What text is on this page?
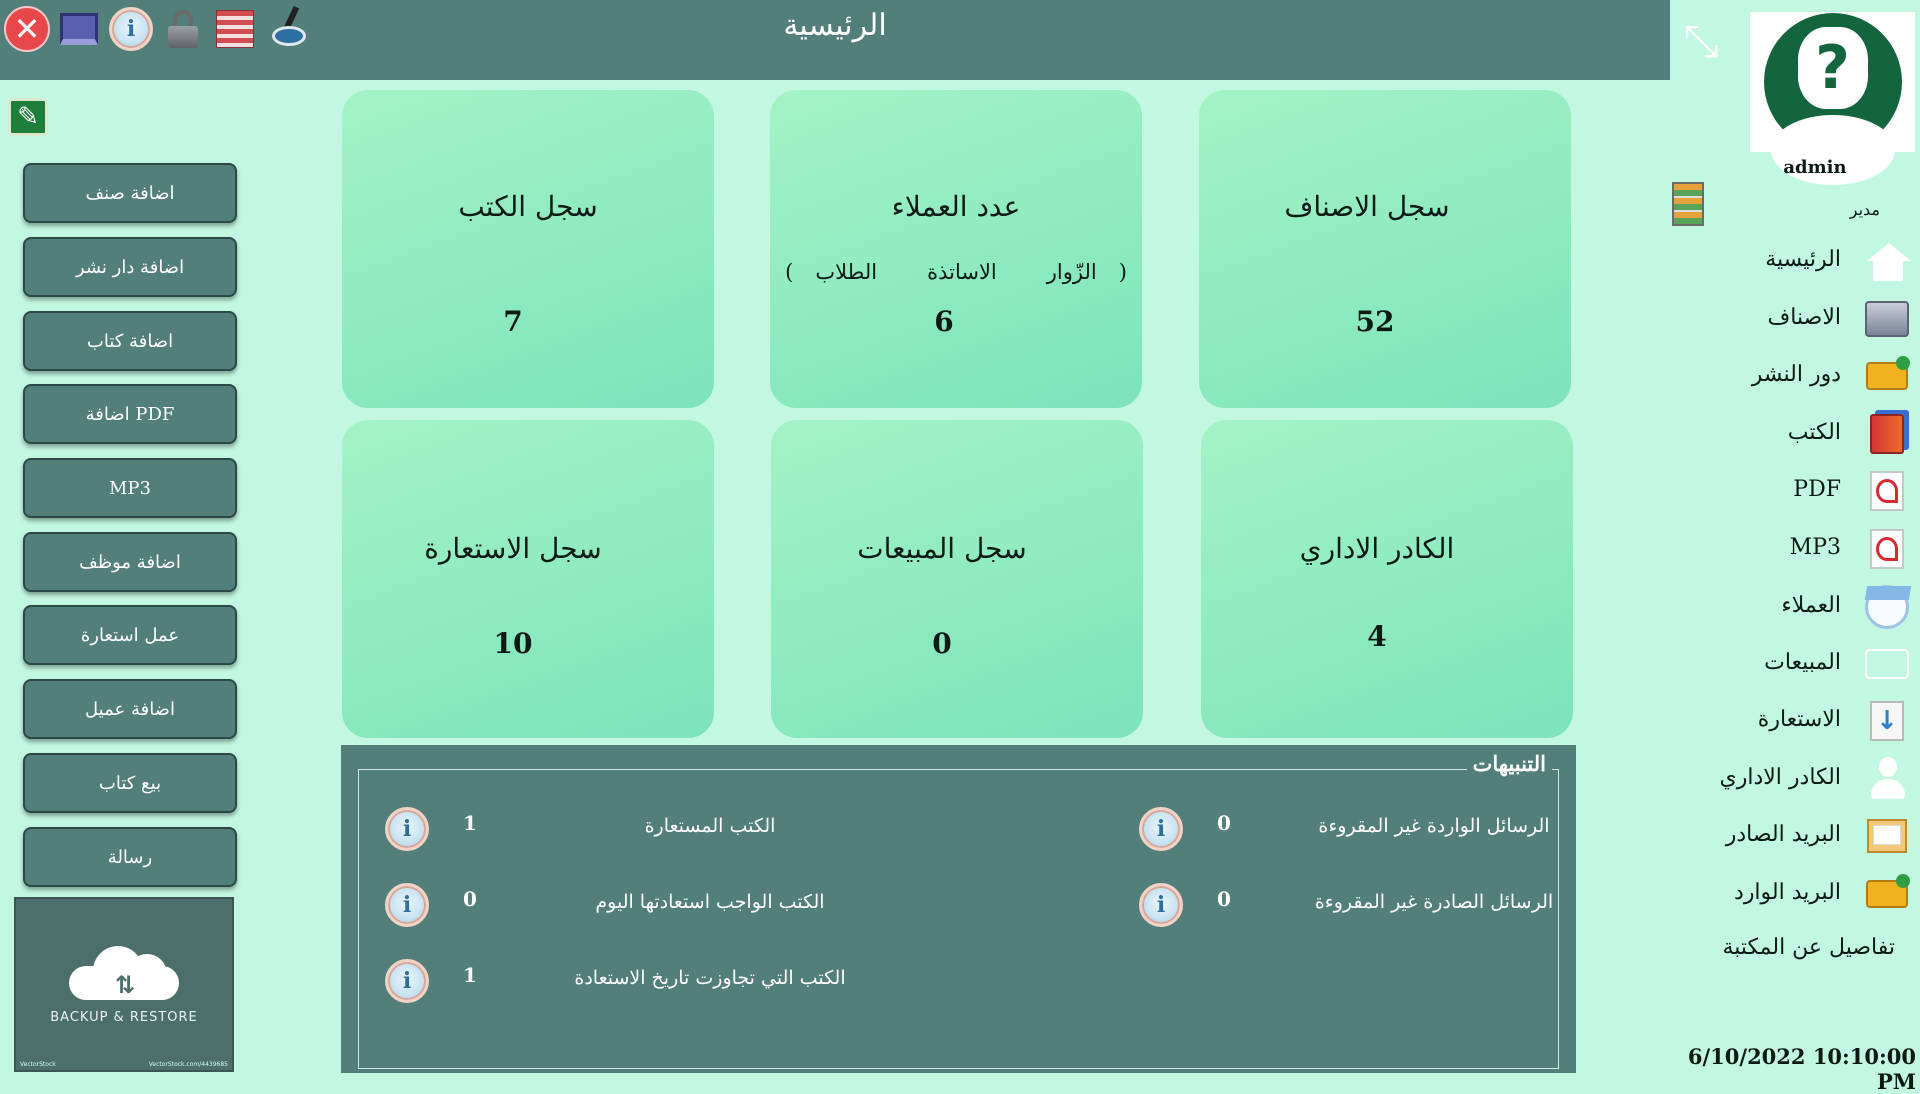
الرئيسية
✕	i
✎
اضافة صنف
اضافة دار نشر
اضافة كتاب
اضافة PDF
MP3
اضافة موظف
عمل استعارة
اضافة عميل
بيع كتاب
رسالة
⇅
BACKUP & RESTORE
VectorStock	VectorStock.com/4439685
سجل الكتب
7
عدد العملاء
(
الزّوار
الاساتذة
الطلاب
)
6
سجل الاصناف
52
سجل الاستعارة
10
سجل المبيعات
0
الكادر الاداري
4
التنبيهات
i	1	الكتب المستعارة
i	0	الكتب الواجب استعادتها اليوم
i	1	الكتب التي تجاوزت تاريخ الاستعادة
i	0	الرسائل الواردة غير المقروءة
i	0	الرسائل الصادرة غير المقروءة
⤡ ?
admin
مدير
الرئيسية
الاصناف
دور النشر
الكتب
PDF
MP3
العملاء
المبيعات
الاستعارة ↓
الكادر الاداري
البريد الصادر
البريد الوارد
تفاصيل عن المكتبة
6/10/2022 10:10:00 PM
